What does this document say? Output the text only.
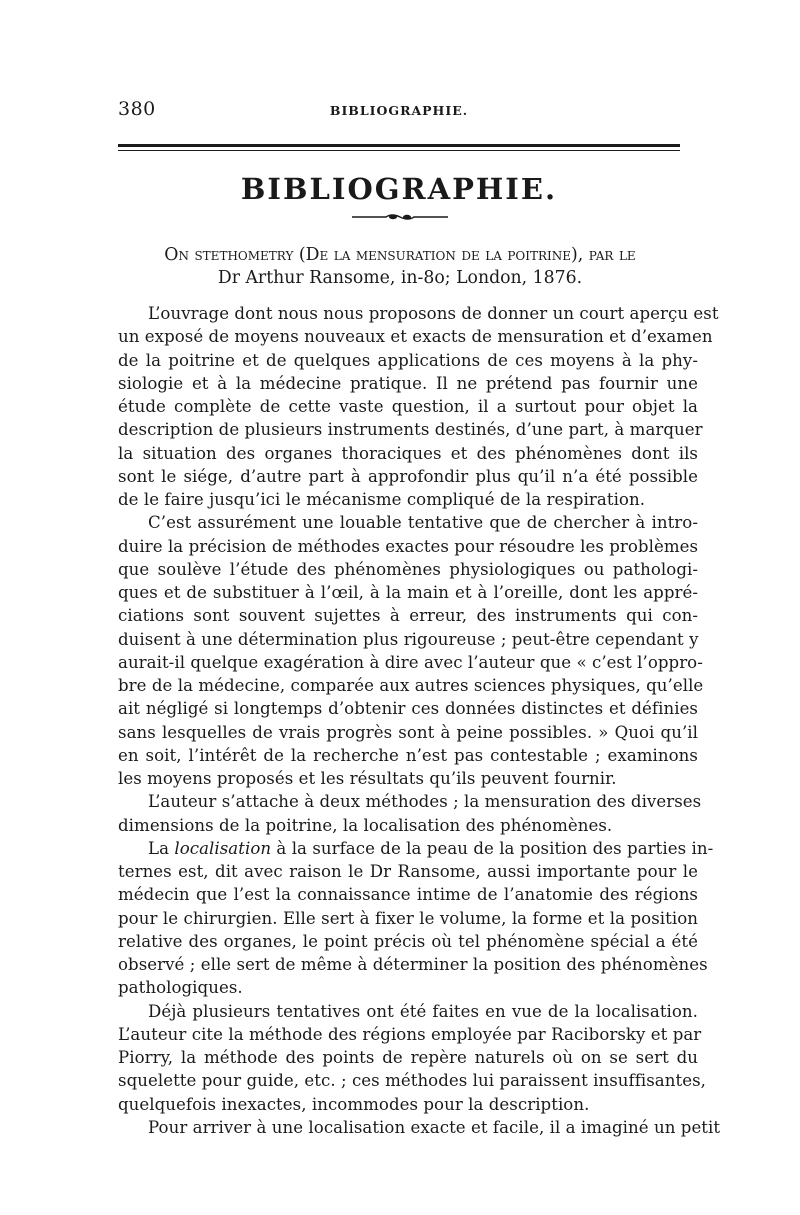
380	BIBLIOGRAPHIE.
BIBLIOGRAPHIE.
On stethometry (De la mensuration de la poitrine), par le
Dr Arthur Ransome, in-8o; London, 1876.
L’ouvrage dont nous nous proposons de donner un court aperçu est
un exposé de moyens nouveaux et exacts de mensuration et d’examen
de la poitrine et de quelques applications de ces moyens à la phy-
siologie et à la médecine pratique. Il ne prétend pas fournir une
étude complète de cette vaste question, il a surtout pour objet la
description de plusieurs instruments destinés, d’une part, à marquer
la situation des organes thoraciques et des phénomènes dont ils
sont le siége, d’autre part à approfondir plus qu’il n’a été possible
de le faire jusqu’ici le mécanisme compliqué de la respiration.
C’est assurément une louable tentative que de chercher à intro-
duire la précision de méthodes exactes pour résoudre les problèmes
que soulève l’étude des phénomènes physiologiques ou pathologi-
ques et de substituer à l’œil, à la main et à l’oreille, dont les appré-
ciations sont souvent sujettes à erreur, des instruments qui con-
duisent à une détermination plus rigoureuse ; peut-être cependant y
aurait-il quelque exagération à dire avec l’auteur que « c’est l’oppro-
bre de la médecine, comparée aux autres sciences physiques, qu’elle
ait négligé si longtemps d’obtenir ces données distinctes et définies
sans lesquelles de vrais progrès sont à peine possibles. » Quoi qu’il
en soit, l’intérêt de la recherche n’est pas contestable ; examinons
les moyens proposés et les résultats qu’ils peuvent fournir.
L’auteur s’attache à deux méthodes ; la mensuration des diverses
dimensions de la poitrine, la localisation des phénomènes.
La localisation à la surface de la peau de la position des parties in-
ternes est, dit avec raison le Dr Ransome, aussi importante pour le
médecin que l’est la connaissance intime de l’anatomie des régions
pour le chirurgien. Elle sert à fixer le volume, la forme et la position
relative des organes, le point précis où tel phénomène spécial a été
observé ; elle sert de même à déterminer la position des phénomènes
pathologiques.
Déjà plusieurs tentatives ont été faites en vue de la localisation.
L’auteur cite la méthode des régions employée par Raciborsky et par
Piorry, la méthode des points de repère naturels où on se sert du
squelette pour guide, etc. ; ces méthodes lui paraissent insuffisantes,
quelquefois inexactes, incommodes pour la description.
Pour arriver à une localisation exacte et facile, il a imaginé un petit
